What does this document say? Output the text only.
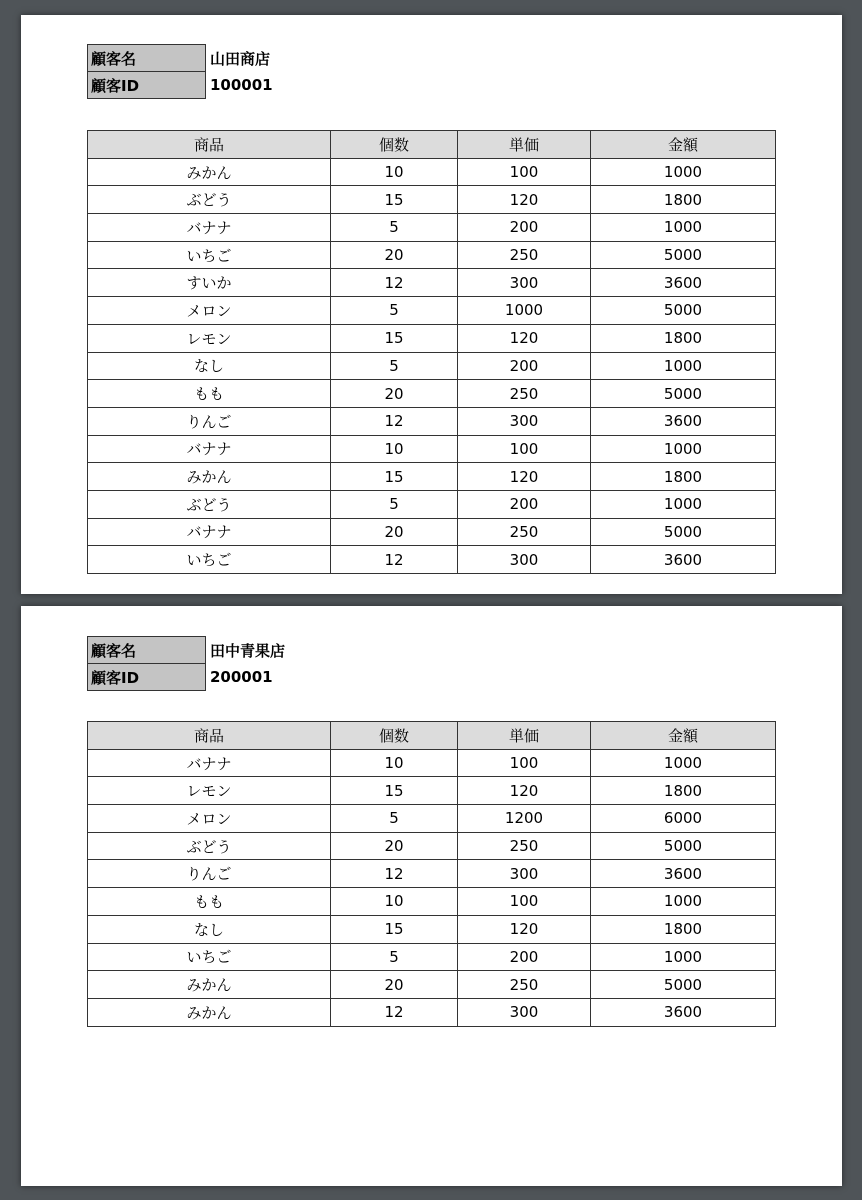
顧客名	山田商店
顧客ID	100001
商品	個数	単価	金額
みかん	10	100	1000
ぶどう	15	120	1800
バナナ	5	200	1000
いちご	20	250	5000
すいか	12	300	3600
メロン	5	1000	5000
レモン	15	120	1800
なし	5	200	1000
もも	20	250	5000
りんご	12	300	3600
バナナ	10	100	1000
みかん	15	120	1800
ぶどう	5	200	1000
バナナ	20	250	5000
いちご	12	300	3600
顧客名	田中青果店
顧客ID	200001
商品	個数	単価	金額
バナナ	10	100	1000
レモン	15	120	1800
メロン	5	1200	6000
ぶどう	20	250	5000
りんご	12	300	3600
もも	10	100	1000
なし	15	120	1800
いちご	5	200	1000
みかん	20	250	5000
みかん	12	300	3600
